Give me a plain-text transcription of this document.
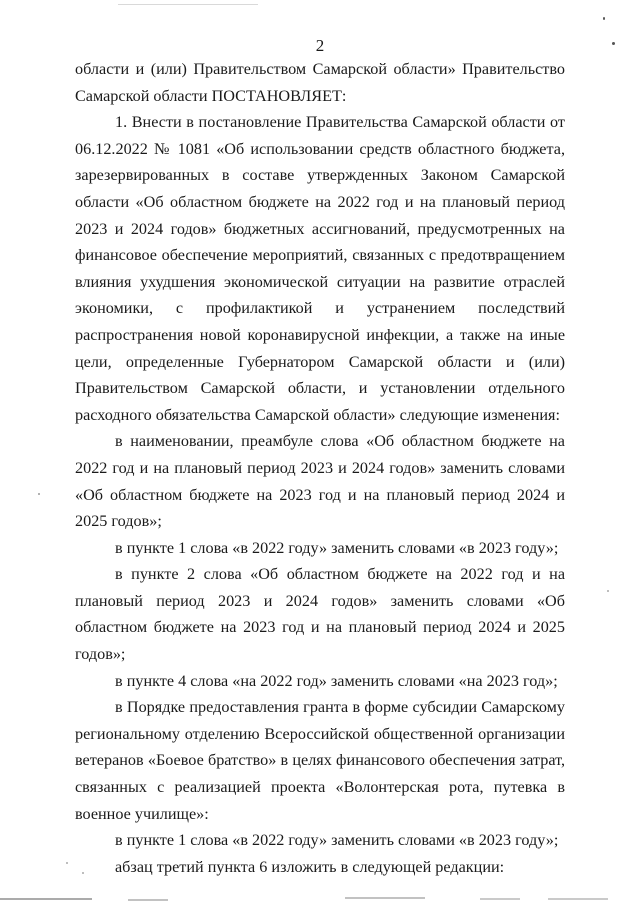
2

области и (или) Правительством Самарской области» Правительство Самарской области ПОСТАНОВЛЯЕТ:

1. Внести в постановление Правительства Самарской области от 06.12.2022 № 1081 «Об использовании средств областного бюджета, зарезервированных в составе утвержденных Законом Самарской области «Об областном бюджете на 2022 год и на плановый период 2023 и 2024 годов» бюджетных ассигнований, предусмотренных на финансовое обеспечение мероприятий, связанных с предотвращением влияния ухудшения экономической ситуации на развитие отраслей экономики, с профилактикой и устранением последствий распространения новой коронавирусной инфекции, а также на иные цели, определенные Губернатором Самарской области и (или) Правительством Самарской области, и установлении отдельного расходного обязательства Самарской области» следующие изменения:

в наименовании, преамбуле слова «Об областном бюджете на 2022 год и на плановый период 2023 и 2024 годов» заменить словами «Об областном бюджете на 2023 год и на плановый период 2024 и 2025 годов»;

в пункте 1 слова «в 2022 году» заменить словами «в 2023 году»;

в пункте 2 слова «Об областном бюджете на 2022 год и на плановый период 2023 и 2024 годов» заменить словами «Об областном бюджете на 2023 год и на плановый период 2024 и 2025 годов»;

в пункте 4 слова «на 2022 год» заменить словами «на 2023 год»;

в Порядке предоставления гранта в форме субсидии Самарскому региональному отделению Всероссийской общественной организации ветеранов «Боевое братство» в целях финансового обеспечения затрат, связанных с реализацией проекта «Волонтерская рота, путевка в военное училище»:

в пункте 1 слова «в 2022 году» заменить словами «в 2023 году»;

абзац третий пункта 6 изложить в следующей редакции:
